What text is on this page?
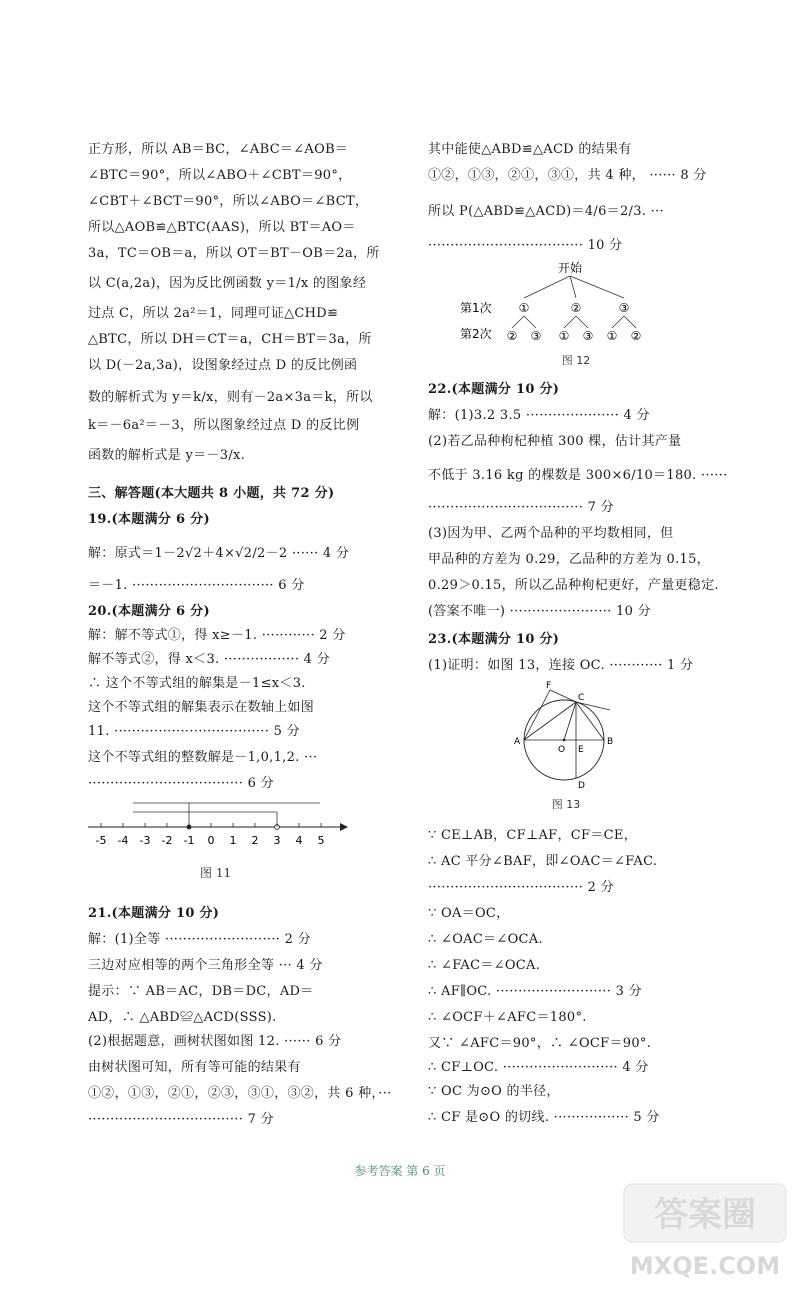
正方形，所以 AB＝BC，∠ABC＝∠AOB＝
∠BTC＝90°，所以∠ABO＋∠CBT＝90°，
∠CBT＋∠BCT＝90°，所以∠ABO＝∠BCT，
所以△AOB≌△BTC(AAS)，所以 BT＝AO＝
3a，TC＝OB＝a，所以 OT＝BT－OB＝2a，所
以 C(a,2a)，因为反比例函数 y＝1/x 的图象经
过点 C，所以 2a²＝1，同理可证△CHD≌
△BTC，所以 DH＝CT＝a，CH＝BT＝3a，所
以 D(－2a,3a)，设图象经过点 D 的反比例函
数的解析式为 y＝k/x，则有－2a×3a＝k，所以
k＝－6a²＝－3，所以图象经过点 D 的反比例
函数的解析式是 y＝－3/x.
三、解答题(本大题共 8 小题，共 72 分)
19.(本题满分 6 分)
解：原式＝1－2√2＋4×√2/2－2 ······ 4 分
＝－1. ································ 6 分
20.(本题满分 6 分)
解：解不等式①，得 x≥－1. ············ 2 分
解不等式②，得 x＜3. ················· 4 分
∴ 这个不等式组的解集是－1≤x＜3.
这个不等式组的解集表示在数轴上如图
11. ··································· 5 分
这个不等式组的整数解是－1,0,1,2. ···
··································· 6 分
-5 -4 -3 -2 -1 0 1 2 3 4 5
图 11
21.(本题满分 10 分)
解：(1)全等 ·························· 2 分
三边对应相等的两个三角形全等 ··· 4 分
提示：∵ AB＝AC，DB＝DC，AD＝
AD，∴ △ABD≌△ACD(SSS).
(2)根据题意，画树状图如图 12. ······ 6 分
由树状图可知，所有等可能的结果有
①②，①③，②①，②③，③①，③②，共 6 种，···
··································· 7 分
其中能使△ABD≌△ACD 的结果有
①②，①③，②①，③①，共 4 种， ······ 8 分
所以 P(△ABD≌△ACD)＝4/6＝2/3. ···
··································· 10 分
开始
第1次
第2次
①	②	③
② ③ ① ③ ① ②
图 12
22.(本题满分 10 分)
解：(1)3.2 3.5 ····················· 4 分
(2)若乙品种枸杞种植 300 棵，估计其产量
不低于 3.16 kg 的棵数是 300×6/10＝180. ······
··································· 7 分
(3)因为甲、乙两个品种的平均数相同，但
甲品种的方差为 0.29，乙品种的方差为 0.15，
0.29＞0.15，所以乙品种枸杞更好，产量更稳定.
(答案不唯一) ······················· 10 分
23.(本题满分 10 分)
(1)证明：如图 13，连接 OC. ············ 1 分
F
C
A
O E
B
D
图 13
∵ CE⊥AB，CF⊥AF，CF＝CE，
∴ AC 平分∠BAF，即∠OAC＝∠FAC.
··································· 2 分
∵ OA＝OC，
∴ ∠OAC＝∠OCA.
∴ ∠FAC＝∠OCA.
∴ AF∥OC. ·························· 3 分
∴ ∠OCF＋∠AFC＝180°.
又∵ ∠AFC＝90°，∴ ∠OCF＝90°.
∴ CF⊥OC. ·························· 4 分
∵ OC 为⊙O 的半径，
∴ CF 是⊙O 的切线. ················· 5 分
参考答案 第 6 页
答案圈
MXQE.COM
